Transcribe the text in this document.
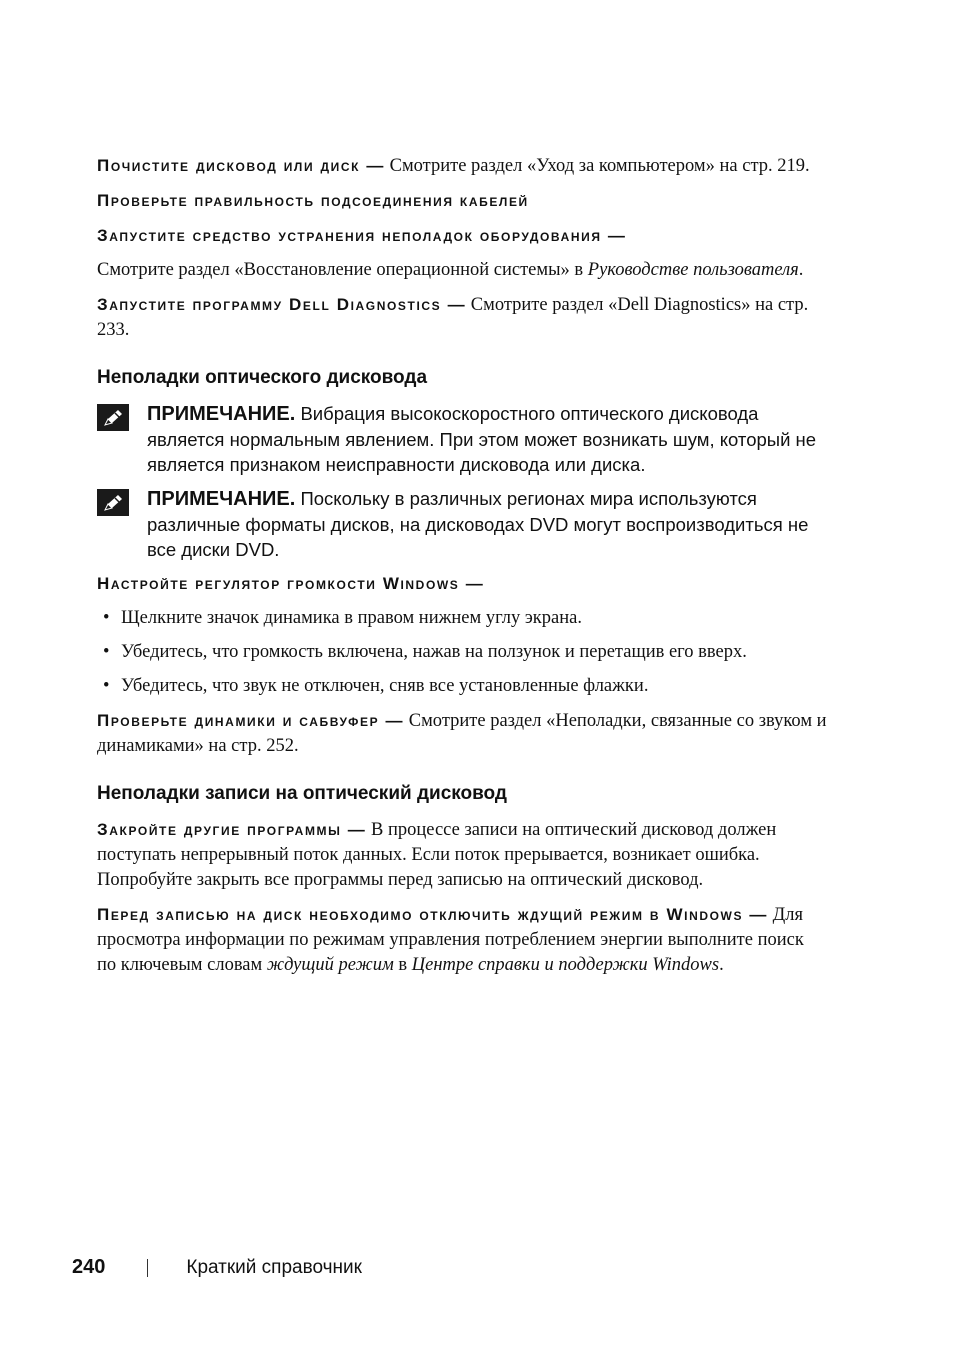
Почистите дисковод или диск — Смотрите раздел «Уход за компьютером» на стр. 219.

Проверьте правильность подсоединения кабелей

Запустите средство устранения неполадок оборудования —

Смотрите раздел «Восстановление операционной системы» в Руководстве пользователя.

Запустите программу Dell Diagnostics — Смотрите раздел «Dell Diagnostics» на стр. 233.

Неполадки оптического дисковода
ПРИМЕЧАНИЕ. Вибрация высокоскоростного оптического дисковода является нормальным явлением. При этом может возникать шум, который не является признаком неисправности дисковода или диска.
ПРИМЕЧАНИЕ. Поскольку в различных регионах мира используются различные форматы дисков, на дисководах DVD могут воспроизводиться не все диски DVD.

Настройте регулятор громкости Windows —

• Щелкните значок динамика в правом нижнем углу экрана.
• Убедитесь, что громкость включена, нажав на ползунок и перетащив его вверх.
• Убедитесь, что звук не отключен, сняв все установленные флажки.

Проверьте динамики и сабвуфер — Смотрите раздел «Неполадки, связанные со звуком и динамиками» на стр. 252.

Неполадки записи на оптический дисковод

Закройте другие программы — В процессе записи на оптический дисковод должен поступать непрерывный поток данных. Если поток прерывается, возникает ошибка. Попробуйте закрыть все программы перед записью на оптический дисковод.

Перед записью на диск необходимо отключить ждущий режим в Windows — Для просмотра информации по режимам управления потреблением энергии выполните поиск по ключевым словам ждущий режим в Центре справки и поддержки Windows.

240	Краткий справочник
